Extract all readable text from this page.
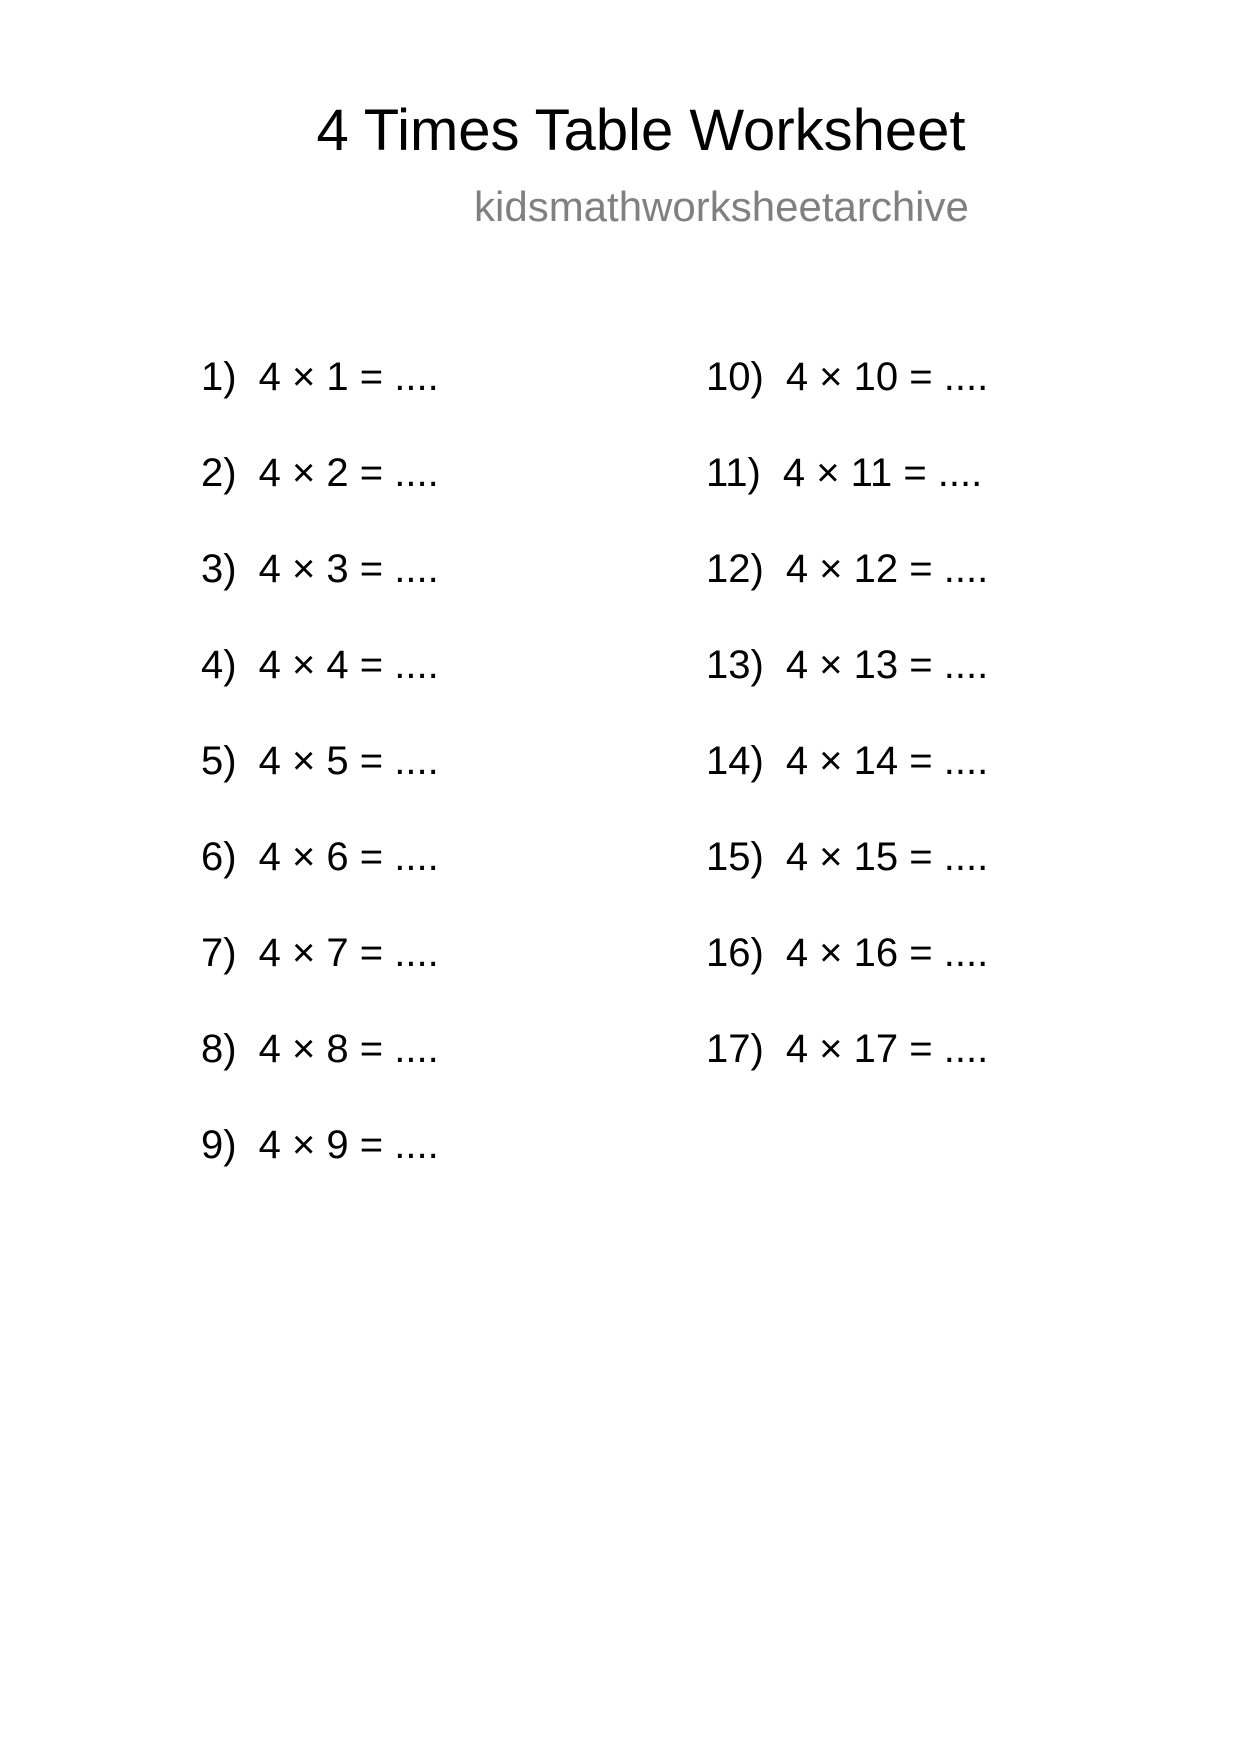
4 Times Table Worksheet
kidsmathworksheetarchive
1) 4 × 1 = ....
2) 4 × 2 = ....
3) 4 × 3 = ....
4) 4 × 4 = ....
5) 4 × 5 = ....
6) 4 × 6 = ....
7) 4 × 7 = ....
8) 4 × 8 = ....
9) 4 × 9 = ....
10) 4 × 10 = ....
11) 4 × 11 = ....
12) 4 × 12 = ....
13) 4 × 13 = ....
14) 4 × 14 = ....
15) 4 × 15 = ....
16) 4 × 16 = ....
17) 4 × 17 = ....
